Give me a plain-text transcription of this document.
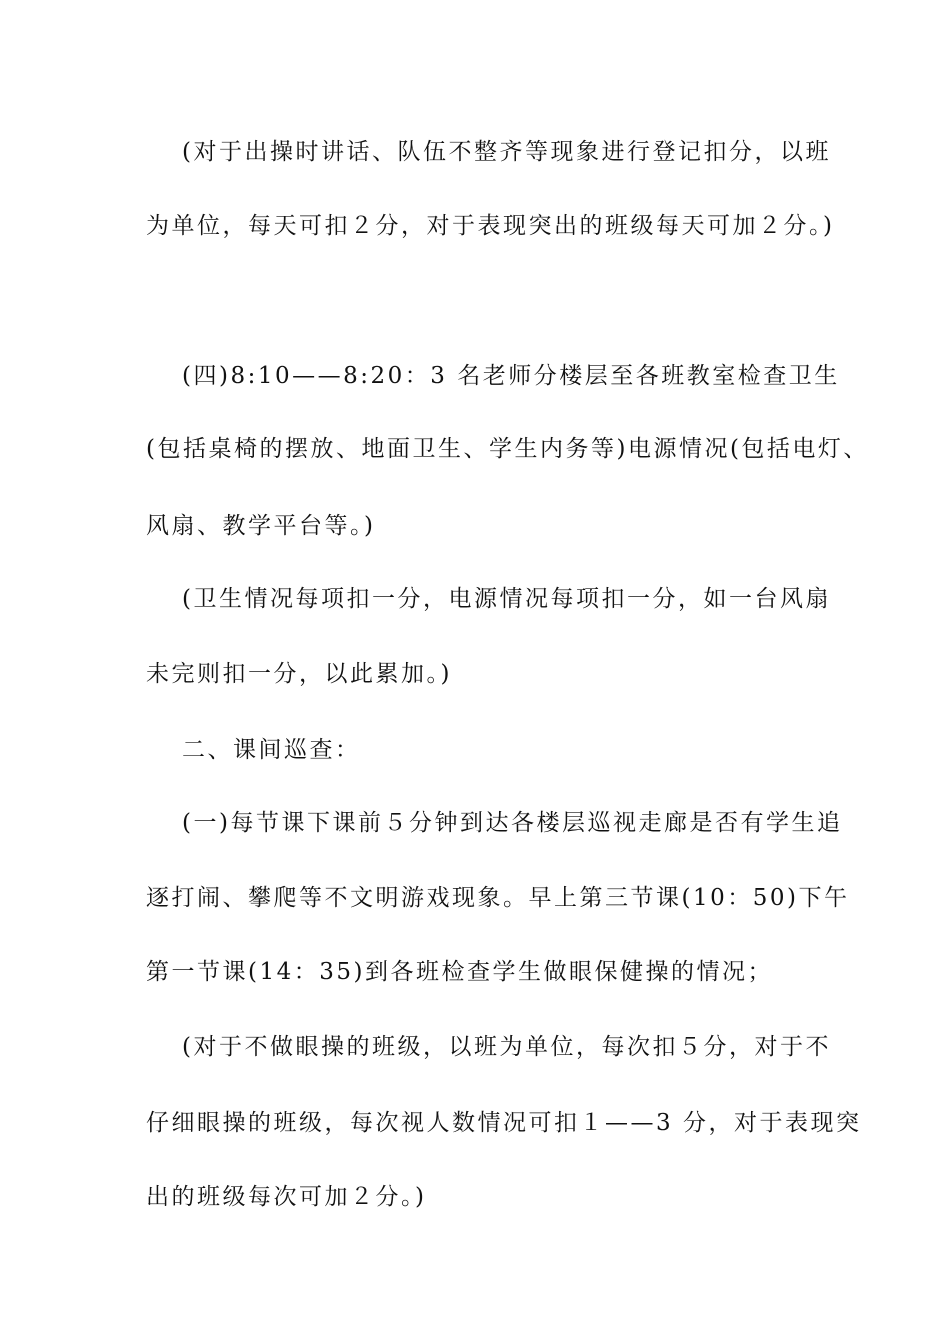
(对于出操时讲话、队伍不整齐等现象进行登记扣分，以班
为单位，每天可扣２分，对于表现突出的班级每天可加２分。)
(四)8:10——8:20：3 名老师分楼层至各班教室检查卫生
(包括桌椅的摆放、地面卫生、学生内务等)电源情况(包括电灯、
风扇、教学平台等。)
(卫生情况每项扣一分，电源情况每项扣一分，如一台风扇
未完则扣一分，以此累加。)
二、课间巡查：
(一)每节课下课前５分钟到达各楼层巡视走廊是否有学生追
逐打闹、攀爬等不文明游戏现象。早上第三节课(10：50)下午
第一节课(14：35)到各班检查学生做眼保健操的情况；
(对于不做眼操的班级，以班为单位，每次扣５分，对于不
仔细眼操的班级，每次视人数情况可扣１——3 分，对于表现突
出的班级每次可加２分。)
